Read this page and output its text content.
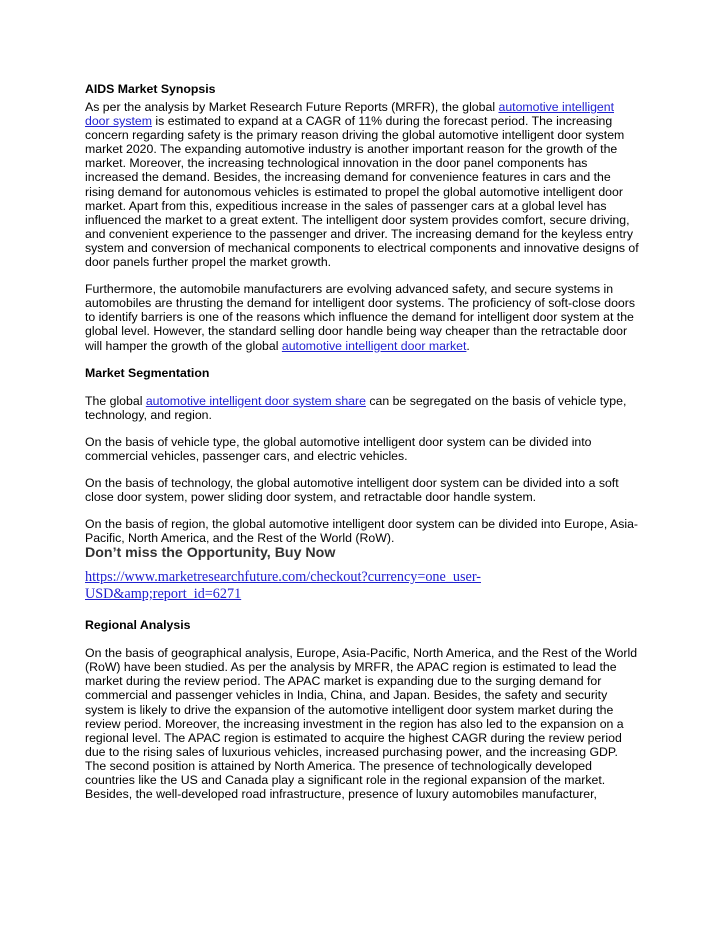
AIDS Market Synopsis

As per the analysis by Market Research Future Reports (MRFR), the global automotive intelligent door system is estimated to expand at a CAGR of 11% during the forecast period. The increasing concern regarding safety is the primary reason driving the global automotive intelligent door system market 2020. The expanding automotive industry is another important reason for the growth of the market. Moreover, the increasing technological innovation in the door panel components has increased the demand. Besides, the increasing demand for convenience features in cars and the rising demand for autonomous vehicles is estimated to propel the global automotive intelligent door market. Apart from this, expeditious increase in the sales of passenger cars at a global level has influenced the market to a great extent. The intelligent door system provides comfort, secure driving, and convenient experience to the passenger and driver. The increasing demand for the keyless entry system and conversion of mechanical components to electrical components and innovative designs of door panels further propel the market growth.

Furthermore, the automobile manufacturers are evolving advanced safety, and secure systems in automobiles are thrusting the demand for intelligent door systems. The proficiency of soft-close doors to identify barriers is one of the reasons which influence the demand for intelligent door system at the global level. However, the standard selling door handle being way cheaper than the retractable door will hamper the growth of the global automotive intelligent door market.

Market Segmentation

The global automotive intelligent door system share can be segregated on the basis of vehicle type, technology, and region.

On the basis of vehicle type, the global automotive intelligent door system can be divided into commercial vehicles, passenger cars, and electric vehicles.

On the basis of technology, the global automotive intelligent door system can be divided into a soft close door system, power sliding door system, and retractable door handle system.

On the basis of region, the global automotive intelligent door system can be divided into Europe, Asia-Pacific, North America, and the Rest of the World (RoW).

Don’t miss the Opportunity, Buy Now

https://www.marketresearchfuture.com/checkout?currency=one_user-
USD&amp;report_id=6271

Regional Analysis

On the basis of geographical analysis, Europe, Asia-Pacific, North America, and the Rest of the World (RoW) have been studied. As per the analysis by MRFR, the APAC region is estimated to lead the market during the review period. The APAC market is expanding due to the surging demand for commercial and passenger vehicles in India, China, and Japan. Besides, the safety and security system is likely to drive the expansion of the automotive intelligent door system market during the review period. Moreover, the increasing investment in the region has also led to the expansion on a regional level. The APAC region is estimated to acquire the highest CAGR during the review period due to the rising sales of luxurious vehicles, increased purchasing power, and the increasing GDP. The second position is attained by North America. The presence of technologically developed countries like the US and Canada play a significant role in the regional expansion of the market. Besides, the well-developed road infrastructure, presence of luxury automobiles manufacturer,
